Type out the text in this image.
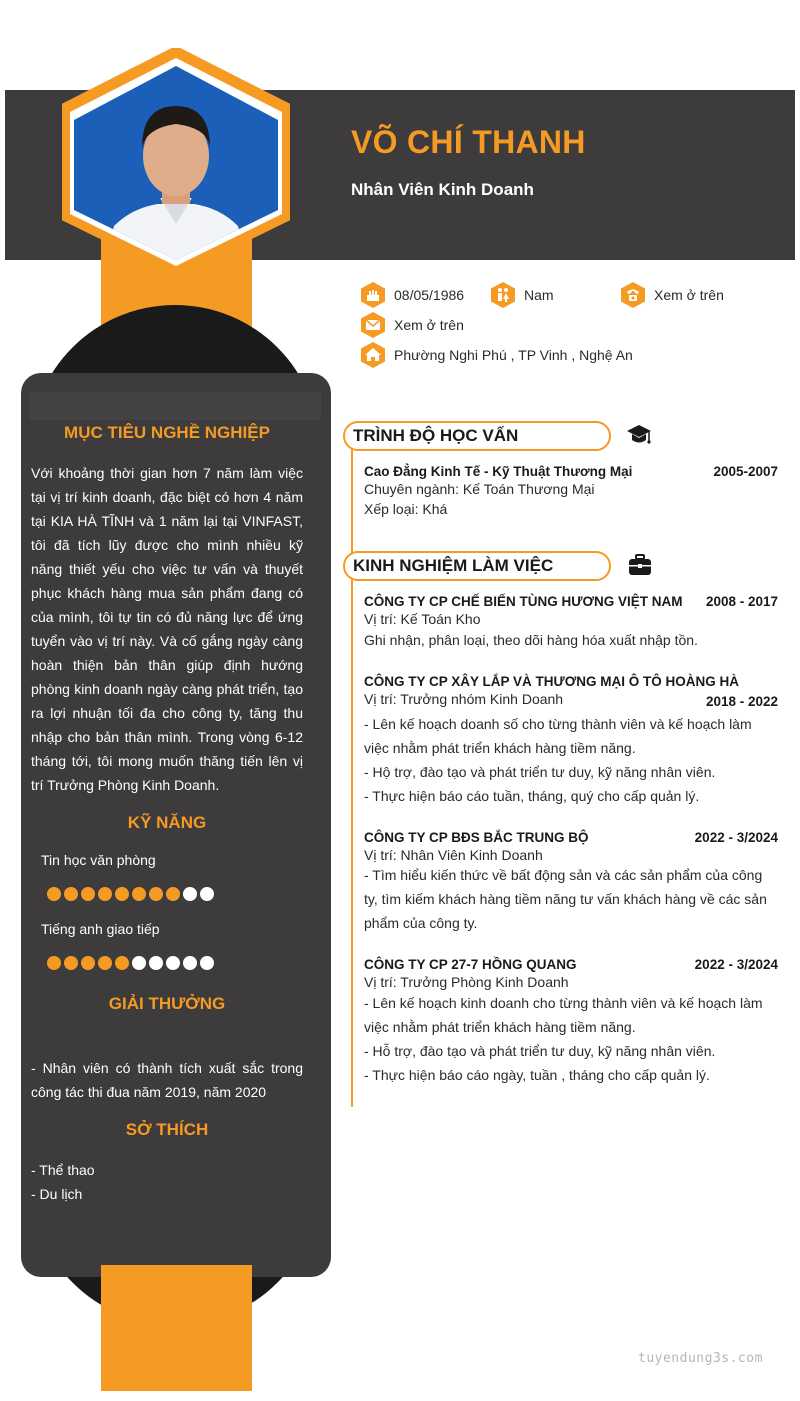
VÕ CHÍ THANH
Nhân Viên Kinh Doanh
MỤC TIÊU NGHỀ NGHIỆP
Với khoảng thời gian hơn 7 năm làm việc tại vị trí kinh doanh, đặc biệt có hơn 4 năm tại KIA HÀ TĨNH và 1 năm lại tại VINFAST, tôi đã tích lũy được cho mình nhiều kỹ năng thiết yếu cho việc tư vấn và thuyết phục khách hàng mua sản phẩm đang có của mình, tôi tự tin có đủ năng lực để ứng tuyển vào vị trí này. Và cố gắng ngày càng hoàn thiện bản thân giúp định hướng phòng kinh doanh ngày càng phát triển, tạo ra lợi nhuận tối đa cho công ty, tăng thu nhập cho bản thân mình. Trong vòng 6-12 tháng tới, tôi mong muốn thăng tiến lên vị trí Trưởng Phòng Kinh Doanh.
KỸ NĂNG
Tin học văn phòng
Tiếng anh giao tiếp
GIẢI THƯỞNG
- Nhân viên có thành tích xuất sắc trong công tác thi đua năm 2019, năm 2020
SỞ THÍCH
- Thể thao
- Du lịch
08/05/1986	Nam	Xem ở trên
Xem ở trên
Phường Nghi Phú , TP Vinh , Nghệ An
TRÌNH ĐỘ HỌC VẤN
Cao Đẳng Kinh Tế - Kỹ Thuật Thương Mại	2005-2007
Chuyên ngành: Kế Toán Thương Mại
Xếp loại: Khá
KINH NGHIỆM LÀM VIỆC
CÔNG TY CP CHẾ BIẾN TÙNG HƯƠNG VIỆT NAM 2008 - 2017
Vị trí: Kế Toán Kho
Ghi nhận, phân loại, theo dõi hàng hóa xuất nhập tồn.
CÔNG TY CP XÂY LẮP VÀ THƯƠNG MẠI Ô TÔ HOÀNG HÀ
Vị trí: Trưởng nhóm Kinh Doanh	2018 - 2022
- Lên kế hoạch doanh số cho từng thành viên và kế hoạch làm việc nhằm phát triển khách hàng tiềm năng.
- Hộ trợ, đào tạo và phát triển tư duy, kỹ năng nhân viên.
- Thực hiện báo cáo tuần, tháng, quý cho cấp quản lý.
CÔNG TY CP BĐS BẮC TRUNG BỘ	2022 - 3/2024
Vị trí: Nhân Viên Kinh Doanh
- Tìm hiểu kiến thức về bất động sản và các sản phẩm của công ty, tìm kiếm khách hàng tiềm năng tư vấn khách hàng về các sản phẩm của công ty.
CÔNG TY CP 27-7 HỒNG QUANG	2022 - 3/2024
Vị trí: Trưởng Phòng Kinh Doanh
- Lên kế hoạch kinh doanh cho từng thành viên và kế hoạch làm việc nhằm phát triển khách hàng tiềm năng.
- Hỗ trợ, đào tạo và phát triển tư duy, kỹ năng nhân viên.
- Thực hiện báo cáo ngày, tuần , tháng cho cấp quản lý.
tuyendung3s.com
